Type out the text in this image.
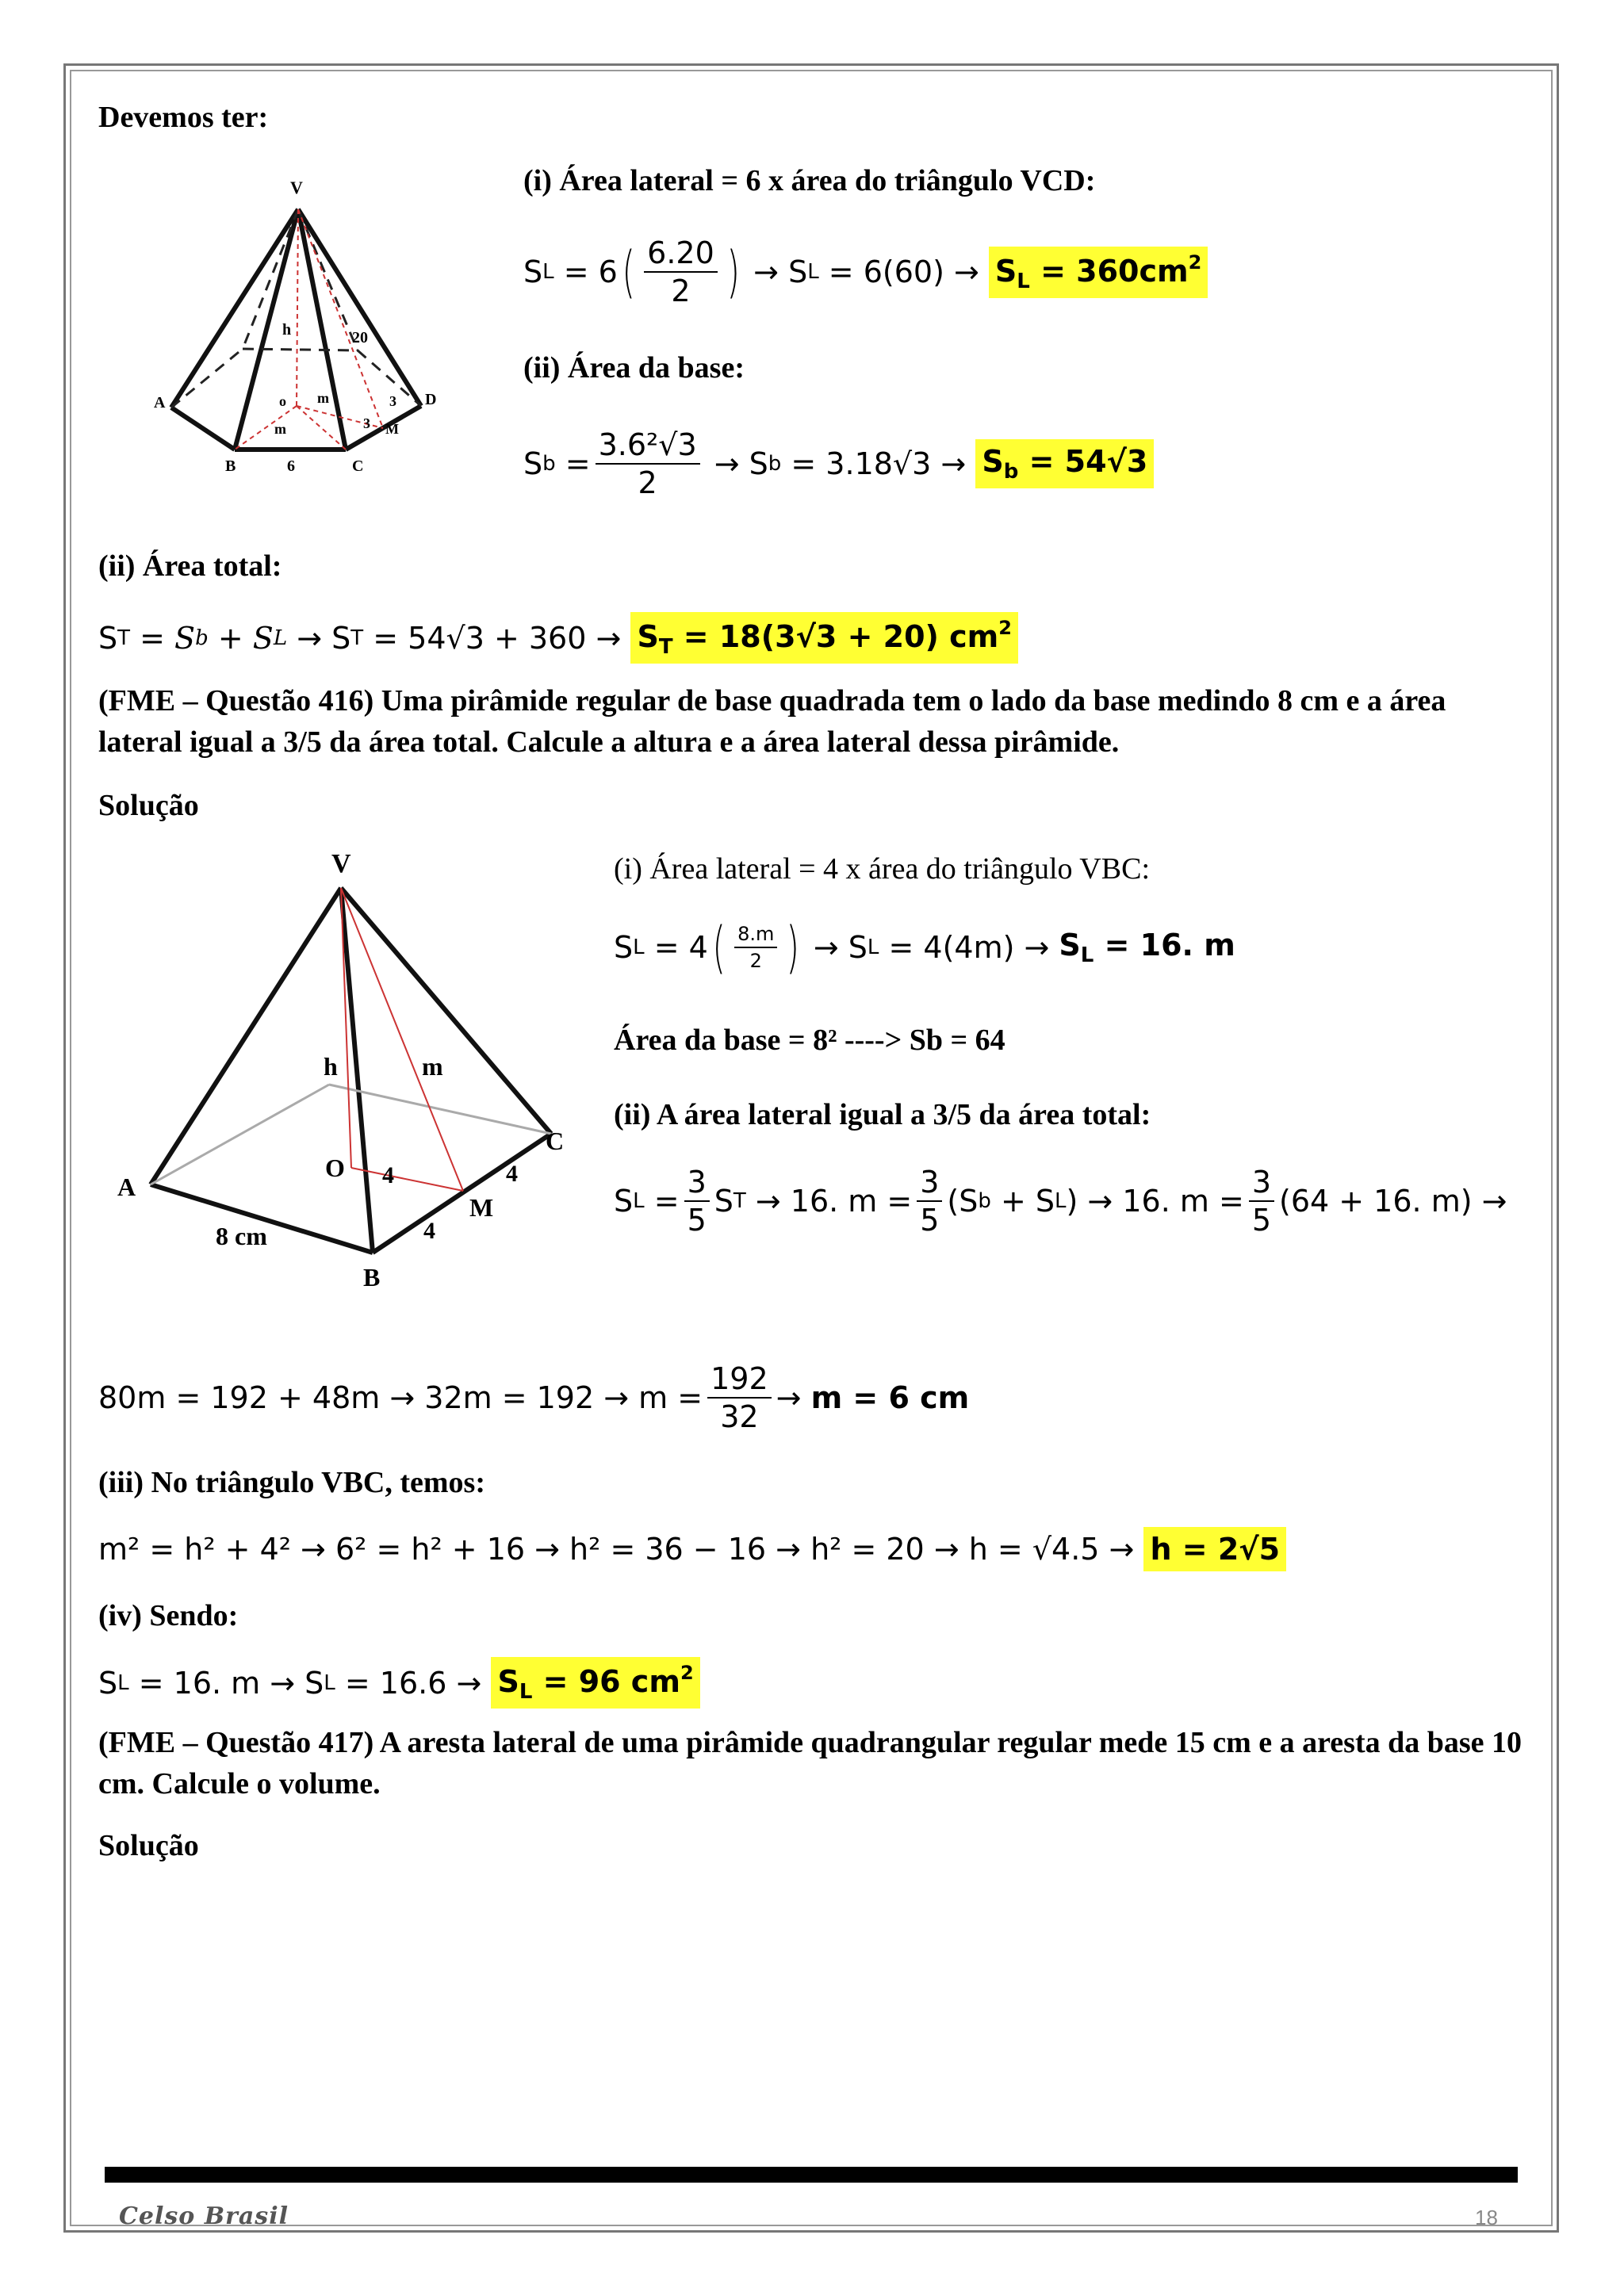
Devemos ter:
V
h	20
A
B	C
D
o m
m
3
3 M
6
(i) Área lateral = 6 x área do triângulo VCD:
S L
= 6 ( $\frac{6.20}{2}$ )
→ S L
= 6(60) →
$S_L = 360cm^2$
(ii) Área da base:
S b
= $\frac{\text{3.6²√3}}{2}$
→ S b
= 3.18√3 →
$S_b = 54√3$
(ii) Área total:
S T
=
S b
+
S L
→ S T
= 54√3 + 360 →
$S_T = 18(3√3 + 20)$ $cm^2$
(FME – Questão 416) Uma pirâmide regular de base quadrada tem o lado da base medindo 8 cm e a área lateral igual a 3/5 da área total. Calcule a altura e a área lateral dessa pirâmide.
Solução
V
h	m
C
A
O 4	4
4
M
8 cm
B
(i) Área lateral = 4 x área do triângulo VBC:
S L
= 4 ( $\frac{8.m}{2}$ )
→ S L
= 4(4m) →
$S_L = 16$. m
Área da base = 8² ----> Sb = 64
(ii) A área lateral igual a 3/5 da área total:
S L
= $\frac{3}{5}$ S T
→ 16. $m = \frac{3}{5} (S$ b
+ S L ) → 16. $m = \frac{3}{5} (64 + 16$. m) →
$80m = 192 + 48m \to 32m = 192 \to m = \frac{192}{32}$ →
m = 6 cm
(iii) No triângulo VBC, temos:
m² = h² + 4² → 6² = h² + 16 → h² = 36 − 16 → h² = 20 → h = √4.5 →
h = 2√5
(iv) Sendo:
S L
= 16. m → S L
= 16.6 →
$S_L = 96$ $cm^2$
(FME – Questão 417) A aresta lateral de uma pirâmide quadrangular regular mede 15 cm e a aresta da base 10 cm. Calcule o volume.
Solução
Celso Brasil	18
